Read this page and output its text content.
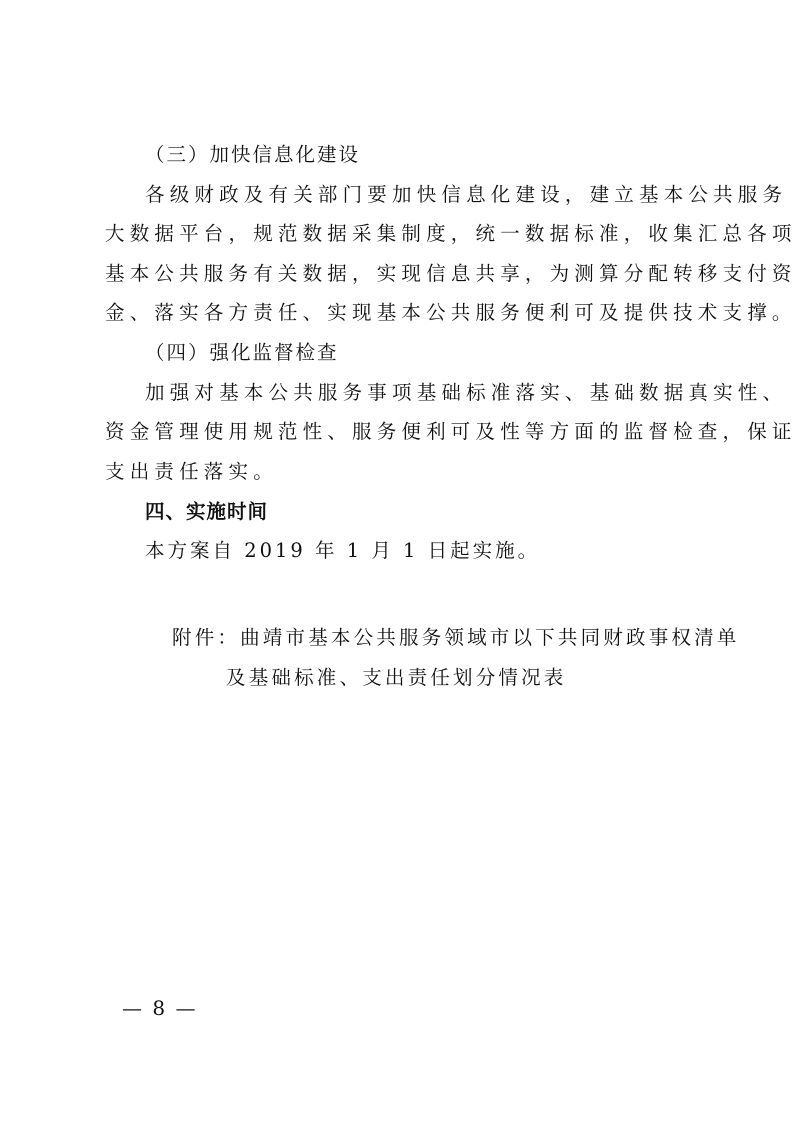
（三）加快信息化建设
各级财政及有关部门要加快信息化建设，建立基本公共服务
大数据平台，规范数据采集制度，统一数据标准，收集汇总各项
基本公共服务有关数据，实现信息共享，为测算分配转移支付资
金、落实各方责任、实现基本公共服务便利可及提供技术支撑。
（四）强化监督检查
加强对基本公共服务事项基础标准落实、基础数据真实性、
资金管理使用规范性、服务便利可及性等方面的监督检查，保证
支出责任落实。
四、实施时间
本方案自 2019 年 1 月 1 日起实施。
附件：曲靖市基本公共服务领域市以下共同财政事权清单
及基础标准、支出责任划分情况表
— 8 —
